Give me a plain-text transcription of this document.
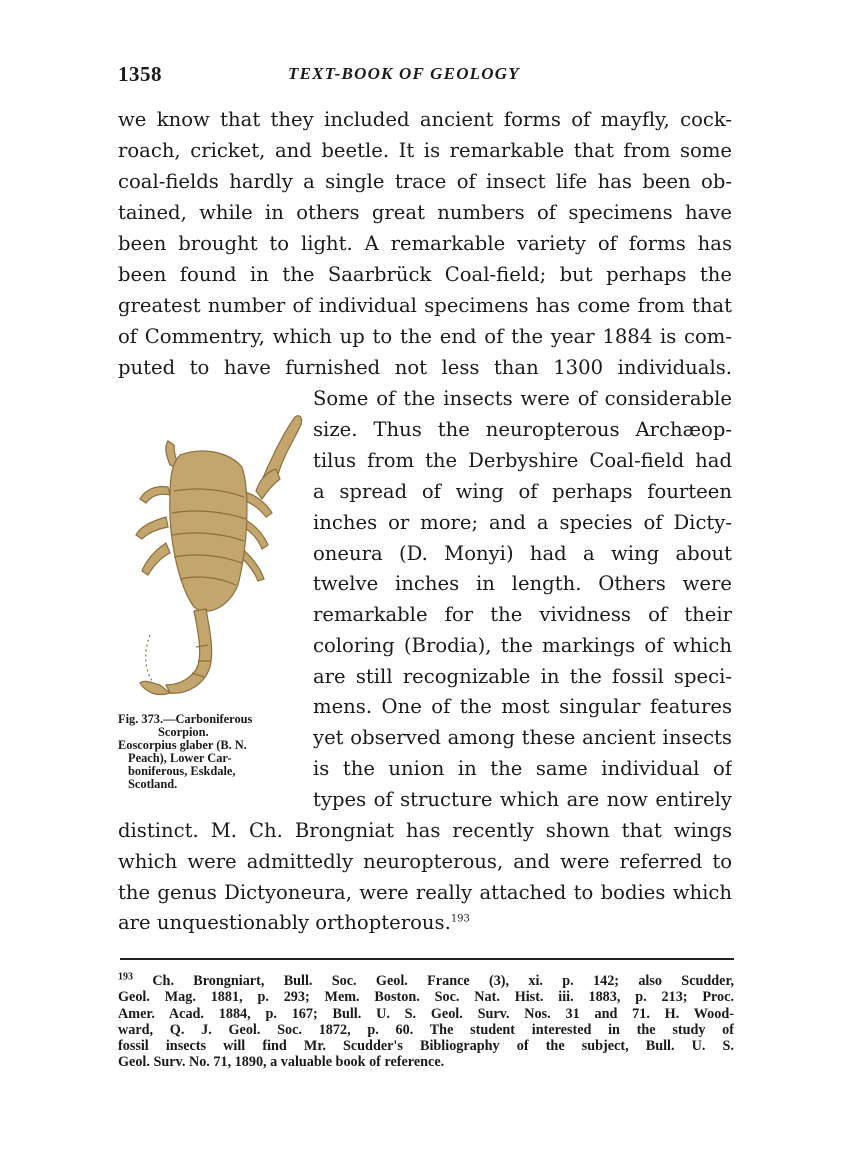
1358	TEXT-BOOK OF GEOLOGY
we know that they included ancient forms of mayfly, cock-
roach, cricket, and beetle. It is remarkable that from some
coal-fields hardly a single trace of insect life has been ob-
tained, while in others great numbers of specimens have
been brought to light. A remarkable variety of forms has
been found in the Saarbrück Coal-field; but perhaps the
greatest number of individual specimens has come from that
of Commentry, which up to the end of the year 1884 is com-
puted to have furnished not less than 1300 individuals.
Some of the insects were of considerable
size. Thus the neuropterous Archæop-
tilus from the Derbyshire Coal-field had
a spread of wing of perhaps fourteen
inches or more; and a species of Dicty-
oneura (D. Monyi) had a wing about
twelve inches in length. Others were
remarkable for the vividness of their
coloring (Brodia), the markings of which
are still recognizable in the fossil speci-
mens. One of the most singular features
yet observed among these ancient insects
is the union in the same individual of
types of structure which are now entirely
distinct. M. Ch. Brongniat has recently shown that wings
which were admittedly neuropterous, and were referred to
the genus Dictyoneura, were really attached to bodies which
are unquestionably orthopterous.$^{193}$
Fig. 373.—Carboniferous
Scorpion.
Eoscorpius glaber (B. N.
Peach), Lower Car-
boniferous, Eskdale,
Scotland.
$^{193}$ Ch. Brongniart, Bull. Soc. Geol. France (3), xi. p. 142; also Scudder,
Geol. Mag. 1881, p. 293; Mem. Boston. Soc. Nat. Hist. iii. 1883, p. 213; Proc.
Amer. Acad. 1884, p. 167; Bull. U. S. Geol. Surv. Nos. 31 and 71. H. Wood-
ward, Q. J. Geol. Soc. 1872, p. 60. The student interested in the study of
fossil insects will find Mr. Scudder's Bibliography of the subject, Bull. U. S.
Geol. Surv. No. 71, 1890, a valuable book of reference.
